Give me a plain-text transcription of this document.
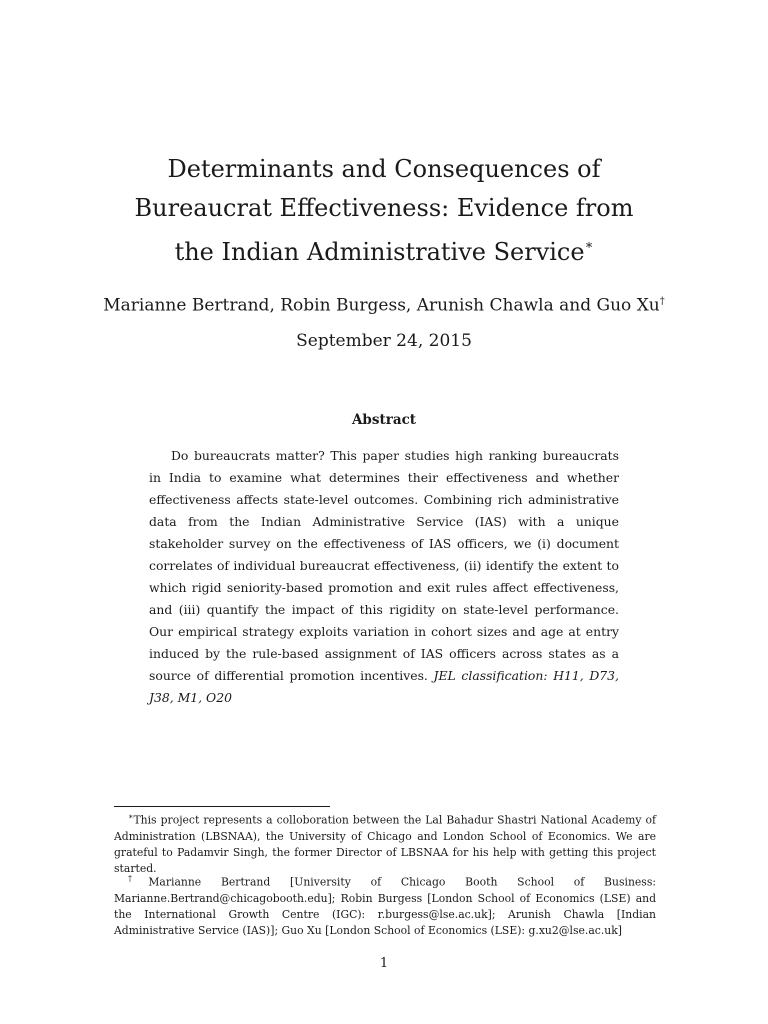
Determinants and Consequences of Bureaucrat Effectiveness: Evidence from the Indian Administrative Service∗
Marianne Bertrand, Robin Burgess, Arunish Chawla and Guo Xu†
September 24, 2015
Abstract

Do bureaucrats matter? This paper studies high ranking bureaucrats in India to examine what determines their effectiveness and whether effectiveness affects state-level outcomes. Combining rich administrative data from the Indian Administrative Service (IAS) with a unique stakeholder survey on the effectiveness of IAS officers, we (i) document correlates of individual bureaucrat effectiveness, (ii) identify the extent to which rigid seniority-based promotion and exit rules affect effectiveness, and (iii) quantify the impact of this rigidity on state-level performance. Our empirical strategy exploits variation in cohort sizes and age at entry induced by the rule-based assignment of IAS officers across states as a source of differential promotion incentives. JEL classification: H11, D73, J38, M1, O20

∗This project represents a colloboration between the Lal Bahadur Shastri National Academy of Administration (LBSNAA), the University of Chicago and London School of Economics. We are grateful to Padamvir Singh, the former Director of LBSNAA for his help with getting this project started.

†Marianne Bertrand [University of Chicago Booth School of Business: Marianne.Bertrand@chicagobooth.edu]; Robin Burgess [London School of Economics (LSE) and the International Growth Centre (IGC): r.burgess@lse.ac.uk]; Arunish Chawla [Indian Administrative Service (IAS)]; Guo Xu [London School of Economics (LSE): g.xu2@lse.ac.uk]

1
